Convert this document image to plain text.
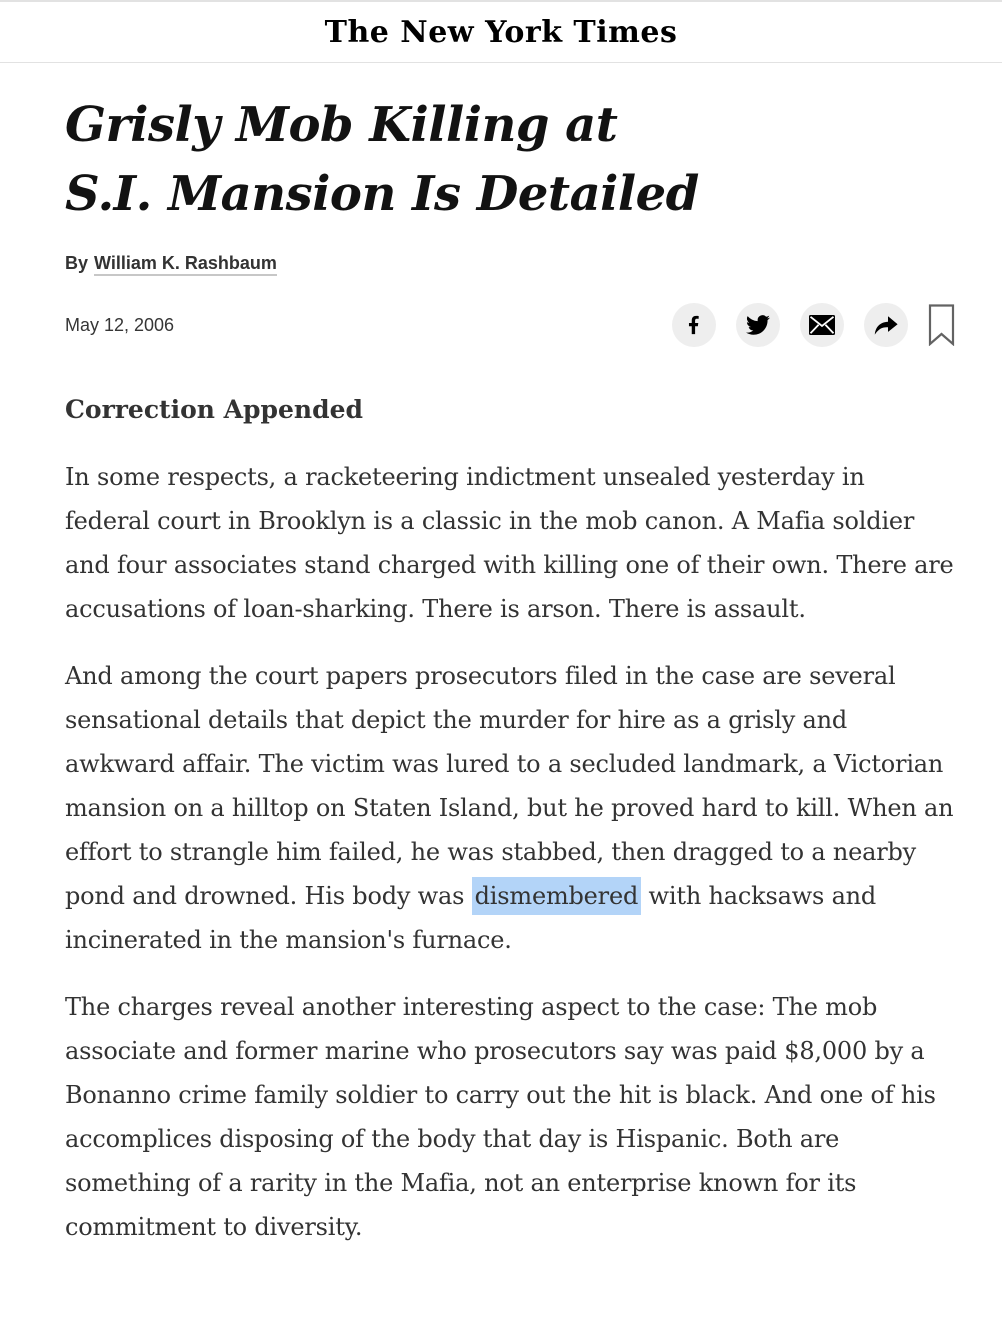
The New York Times
Grisly Mob Killing at
S.I. Mansion Is Detailed
By William K. Rashbaum
May 12, 2006
Correction Appended

In some respects, a racketeering indictment unsealed yesterday in federal court in Brooklyn is a classic in the mob canon. A Mafia soldier and four associates stand charged with killing one of their own. There are accusations of loan-sharking. There is arson. There is assault.

And among the court papers prosecutors filed in the case are several sensational details that depict the murder for hire as a grisly and awkward affair. The victim was lured to a secluded landmark, a Victorian mansion on a hilltop on Staten Island, but he proved hard to kill. When an effort to strangle him failed, he was stabbed, then dragged to a nearby pond and drowned. His body was dismembered with hacksaws and incinerated in the mansion's furnace.

The charges reveal another interesting aspect to the case: The mob associate and former marine who prosecutors say was paid $8,000 by a Bonanno crime family soldier to carry out the hit is black. And one of his accomplices disposing of the body that day is Hispanic. Both are something of a rarity in the Mafia, not an enterprise known for its commitment to diversity.
